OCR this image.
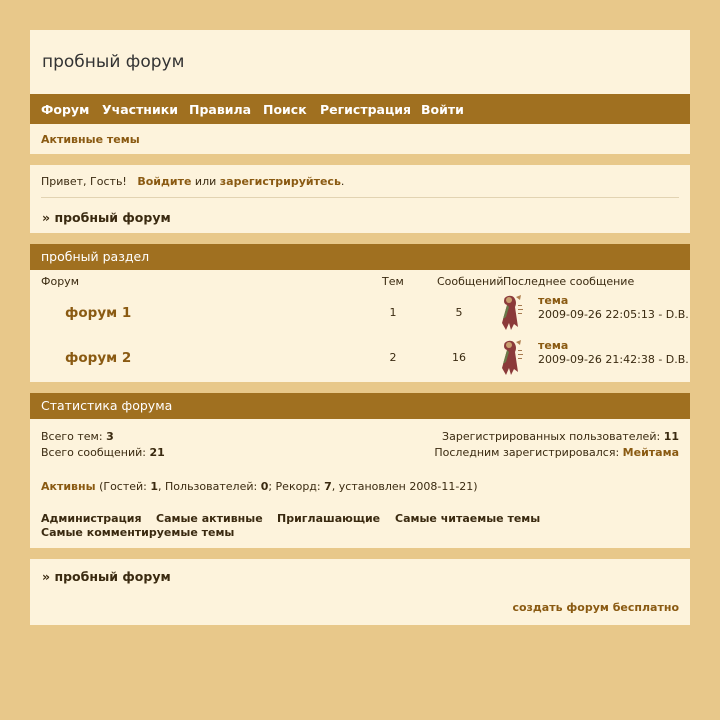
пробный форум
Форум Участники Правила Поиск Регистрация Войти
Активные темы
Привет, Гость! Войдите или зарегистрируйтесь.
» пробный форум
пробный раздел
Форум	Тем	Сообщений Последнее сообщение
форум 1	1	5
тема
2009-09-26 22:05:13 - D.B.
форум 2	2	16
тема
2009-09-26 21:42:38 - D.B.
Статистика форума
Всего тем: 3
Всего сообщений: 21
Зарегистрированных пользователей: 11
Последним зарегистрировался: Мейтама
Активны (Гостей: 1, Пользователей: 0; Рекорд: 7, установлен 2008-11-21)
Администрация Самые активные Приглашающие Самые читаемые темы
Самые комментируемые темы
» пробный форум
создать форум бесплатно
